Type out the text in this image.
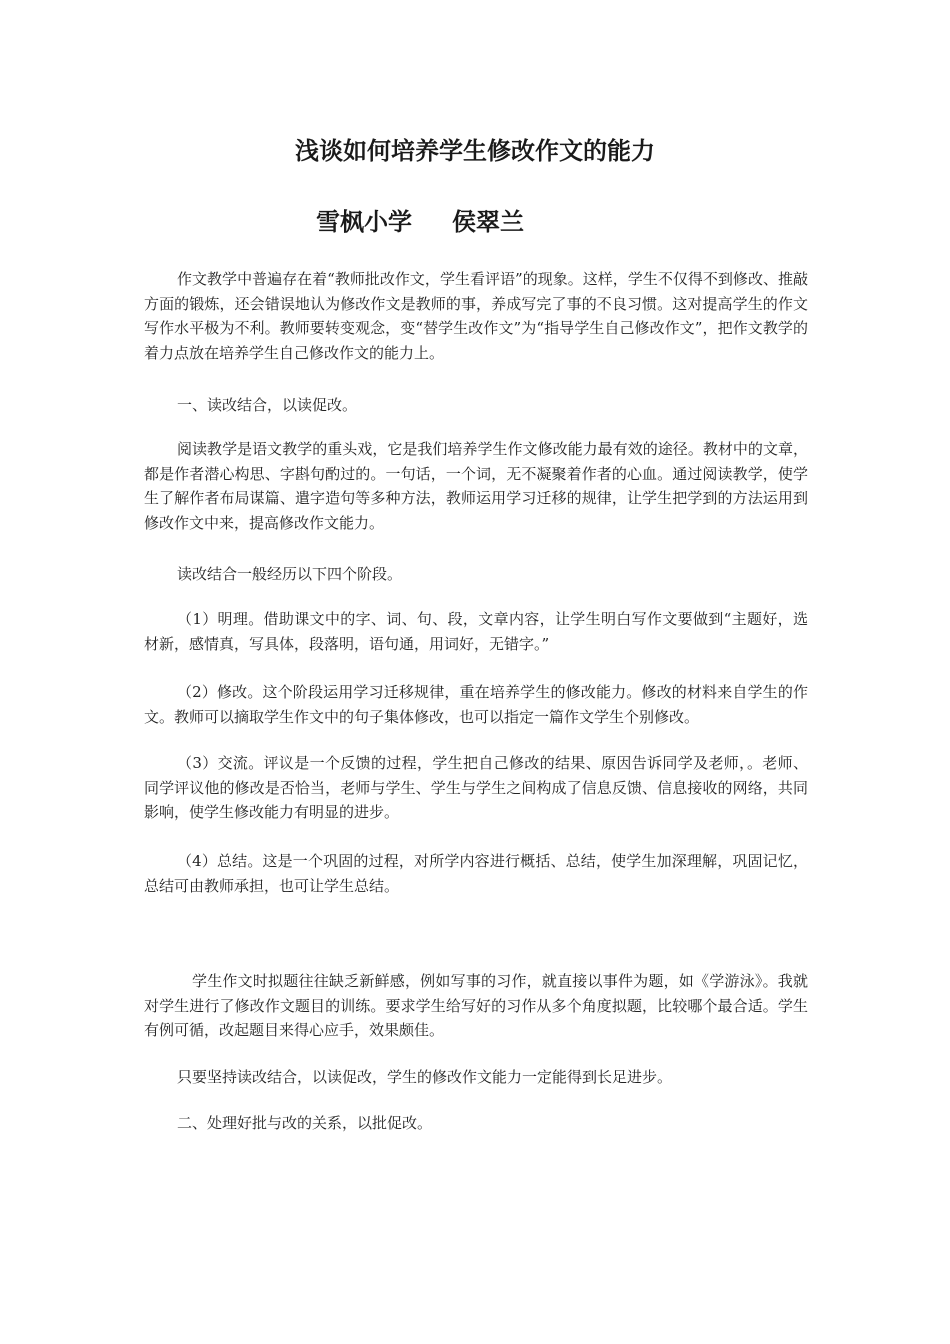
浅谈如何培养学生修改作文的能力
雪枫小学 侯翠兰

作文教学中普遍存在着“教师批改作文，学生看评语”的现象。这样，学生不仅得不到修改、推敲方面的锻炼，还会错误地认为修改作文是教师的事，养成写完了事的不良习惯。这对提高学生的作文写作水平极为不利。教师要转变观念，变“替学生改作文”为“指导学生自己修改作文”，把作文教学的着力点放在培养学生自己修改作文的能力上。

一、读改结合，以读促改。

阅读教学是语文教学的重头戏，它是我们培养学生作文修改能力最有效的途径。教材中的文章，都是作者潜心构思、字斟句酌过的。一句话，一个词，无不凝聚着作者的心血。通过阅读教学，使学生了解作者布局谋篇、遣字造句等多种方法，教师运用学习迁移的规律，让学生把学到的方法运用到修改作文中来，提高修改作文能力。

读改结合一般经历以下四个阶段。

（1）明理。借助课文中的字、词、句、段，文章内容，让学生明白写作文要做到“主题好，选材新，感情真，写具体，段落明，语句通，用词好，无错字。”

（2）修改。这个阶段运用学习迁移规律，重在培养学生的修改能力。修改的材料来自学生的作文。教师可以摘取学生作文中的句子集体修改，也可以指定一篇作文学生个别修改。

（3）交流。评议是一个反馈的过程，学生把自己修改的结果、原因告诉同学及老师，。老师、同学评议他的修改是否恰当，老师与学生、学生与学生之间构成了信息反馈、信息接收的网络，共同影响，使学生修改能力有明显的进步。

（4）总结。这是一个巩固的过程，对所学内容进行概括、总结，使学生加深理解，巩固记忆，总结可由教师承担，也可让学生总结。

学生作文时拟题往往缺乏新鲜感，例如写事的习作，就直接以事件为题，如《学游泳》。我就对学生进行了修改作文题目的训练。要求学生给写好的习作从多个角度拟题，比较哪个最合适。学生有例可循，改起题目来得心应手，效果颇佳。

只要坚持读改结合，以读促改，学生的修改作文能力一定能得到长足进步。

二、处理好批与改的关系，以批促改。
